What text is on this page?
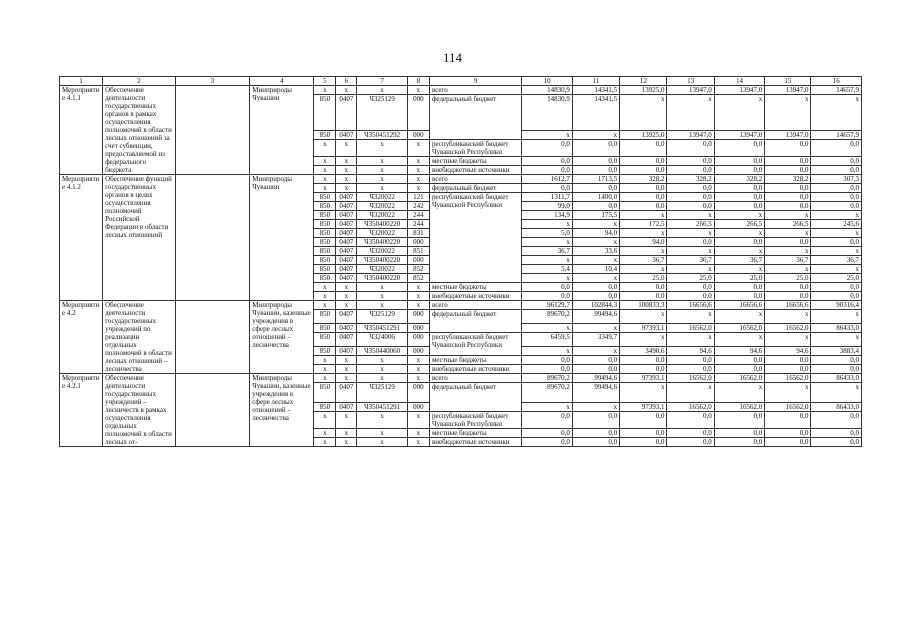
114
1	2	3	4	5	6	7	8	9	10	11	12	13	14	15	16
Мероприятие 4.1.1	Обеспечение деятельности государственных органов в рамках осуществления полномочий в области лесных отношений за счет субвенции, предоставляемой из федерального бюджета		Минприроды Чувашии	x	x	x	x	всего	14830,9	14341,5	13925,0	13947,0	13947,0	13947,0	14657,9
				850	0407	Ч325129	000	федеральный бюджет	14830,9	14341,5	x	x	x	x	x
				850	0407	Ч350451292	000		x	x	13925,0	13947,0	13947,0	13947,0	14657,9
				x	x	x	x	республиканский бюджет Чувашской Республики	0,0	0,0	0,0	0,0	0,0	0,0	0,0
				x	x	x	x	местные бюджеты	0,0	0,0	0,0	0,0	0,0	0,0	0,0
				x	x	x	x	внебюджетные источники	0,0	0,0	0,0	0,0	0,0	0,0	0,0
Мероприятие 4.1.2	Обеспечение функций государственных органов в целях осуществления полномочий Российской Федерации в области лесных отношений		Минприроды Чувашии	x	x	x	x	всего	1612,7	1713,5	328,2	328,2	328,2	328,2	307,3
				x	x	x	x	федеральный бюджет	0,0	0,0	0,0	0,0	0,0	0,0	0,0
				850	0407	Ч320022	121	республиканский бюджет Чувашской Республики	1311,7	1400,0	0,0	0,0	0,0	0,0	0,0
				850	0407	Ч320022	242		99,0	0,0	0,0	0,0	0,0	0,0	0,0
				850	0407	Ч320022	244		134,9	175,5	x	x	x	x	x
				850	0407	Ч350400220	244		x	x	172,5	266,5	266,5	266,5	245,6
				850	0407	Ч320022	831		5,0	94,0	x	x	x	x	x
				850	0407	Ч350400220	000		x	x	94,0	0,0	0,0	0,0	0,0
				850	0407	Ч320022	851		36,7	33,6	x	x	x	x	x
				850	0407	Ч350400220	000		x	x	36,7	36,7	36,7	36,7	36,7
				850	0407	Ч320022	852		5,4	10,4	x	x	x	x	x
				850	0407	Ч350400220	852		x	x	25,0	25,0	25,0	25,0	25,0
				x	x	x	x	местные бюджеты	0,0	0,0	0,0	0,0	0,0	0,0	0,0
				x	x	x	x	внебюджетные источники	0,0	0,0	0,0	0,0	0,0	0,0	0,0
Мероприятие 4.2	Обеспечение деятельности государственных учреждений по реализации отдельных полномочий в области лесных отношений – лесничества		Минприроды Чувашии, казенные учреждения в сфере лесных отношений – лесничества	x	x	x	x	всего	96129,7	102844,3	100833,3	16656,6	16656,6	16656,6	90316,4
				850	0407	Ч325129	000	федеральный бюджет	89670,2	99494,6	x	x	x	x	x
				850	0407	Ч350451291	000		x	x	97393,1	16562,0	16562,0	16562,0	86433,0
				850	0407	Ч324006	000	республиканский бюджет Чувашской Республики	6459,5	3349,7	x	x	x	x	x
				850	0407	Ч350440060	000		x	x	3490,6	94,6	94,6	94,6	3883,4
				x	x	x	x	местные бюджеты	0,0	0,0	0,0	0,0	0,0	0,0	0,0
				x	x	x	x	внебюджетные источники	0,0	0,0	0,0	0,0	0,0	0,0	0,0
Мероприятие 4.2.1	Обеспечение деятельности государственных учреждений – лесничеств в рамках осуществления отдельных полномочий в области лесных от-		Минприроды Чувашии, казенные учреждения в сфере лесных отношений – лесничества	x	x	x	x	всего	89670,2	99494,6	97393,1	16562,0	16562,0	16562,0	86433,0
				850	0407	Ч325129	000	федеральный бюджет	89670,2	99494,6	x	x	x	x	x
				850	0407	Ч350451291	000		x	x	97393,1	16562,0	16562,0	16562,0	86433,0
				x	x	x	x	республиканский бюджет Чувашской Республики	0,0	0,0	0,0	0,0	0,0	0,0	0,0
				x	x	x	x	местные бюджеты	0,0	0,0	0,0	0,0	0,0	0,0	0,0
				x	x	x	x	внебюджетные источники	0,0	0,0	0,0	0,0	0,0	0,0	0,0
